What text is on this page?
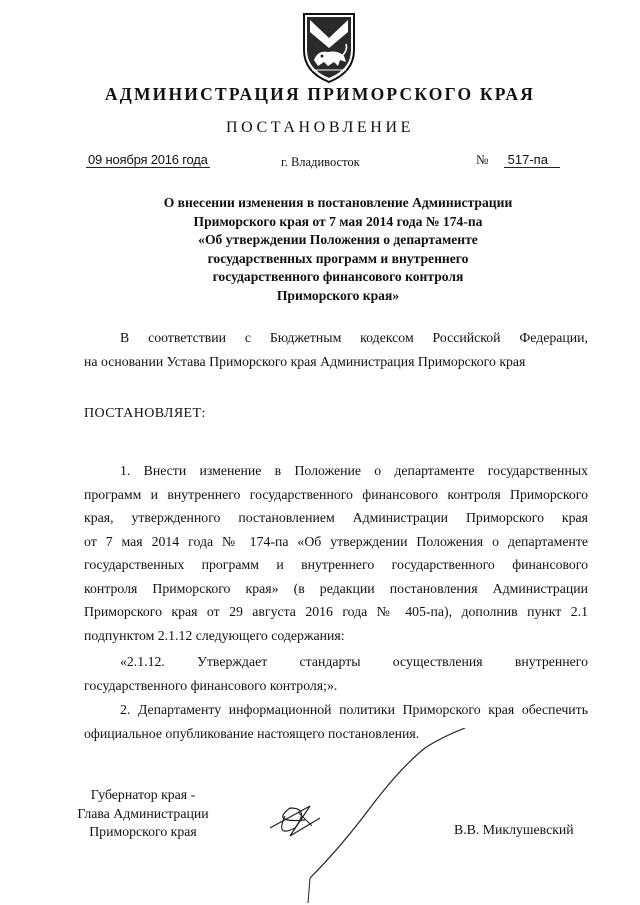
АДМИНИСТРАЦИЯ ПРИМОРСКОГО КРАЯ
ПОСТАНОВЛЕНИЕ
09 ноября 2016 года	г. Владивосток	№ 517-па
О внесении изменения в постановление Администрации
Приморского края от 7 мая 2014 года № 174-па
«Об утверждении Положения о департаменте
государственных программ и внутреннего
государственного финансового контроля
Приморского края»
В соответствии с Бюджетным кодексом Российской Федерации,
на основании Устава Приморского края Администрация Приморского края
ПОСТАНОВЛЯЕТ:
1. Внести изменение в Положение о департаменте государственных
программ и внутреннего государственного финансового контроля Приморского
края, утвержденного постановлением Администрации Приморского края
от 7 мая 2014 года № 174-па «Об утверждении Положения о департаменте
государственных программ и внутреннего государственного финансового
контроля Приморского края» (в редакции постановления Администрации
Приморского края от 29 августа 2016 года № 405-па), дополнив пункт 2.1
подпунктом 2.1.12 следующего содержания:
«2.1.12. Утверждает стандарты осуществления внутреннего
государственного финансового контроля;».
2. Департаменту информационной политики Приморского края обеспечить
официальное опубликование настоящего постановления.
Губернатор края -
Глава Администрации
Приморского края	В.В. Миклушевский
